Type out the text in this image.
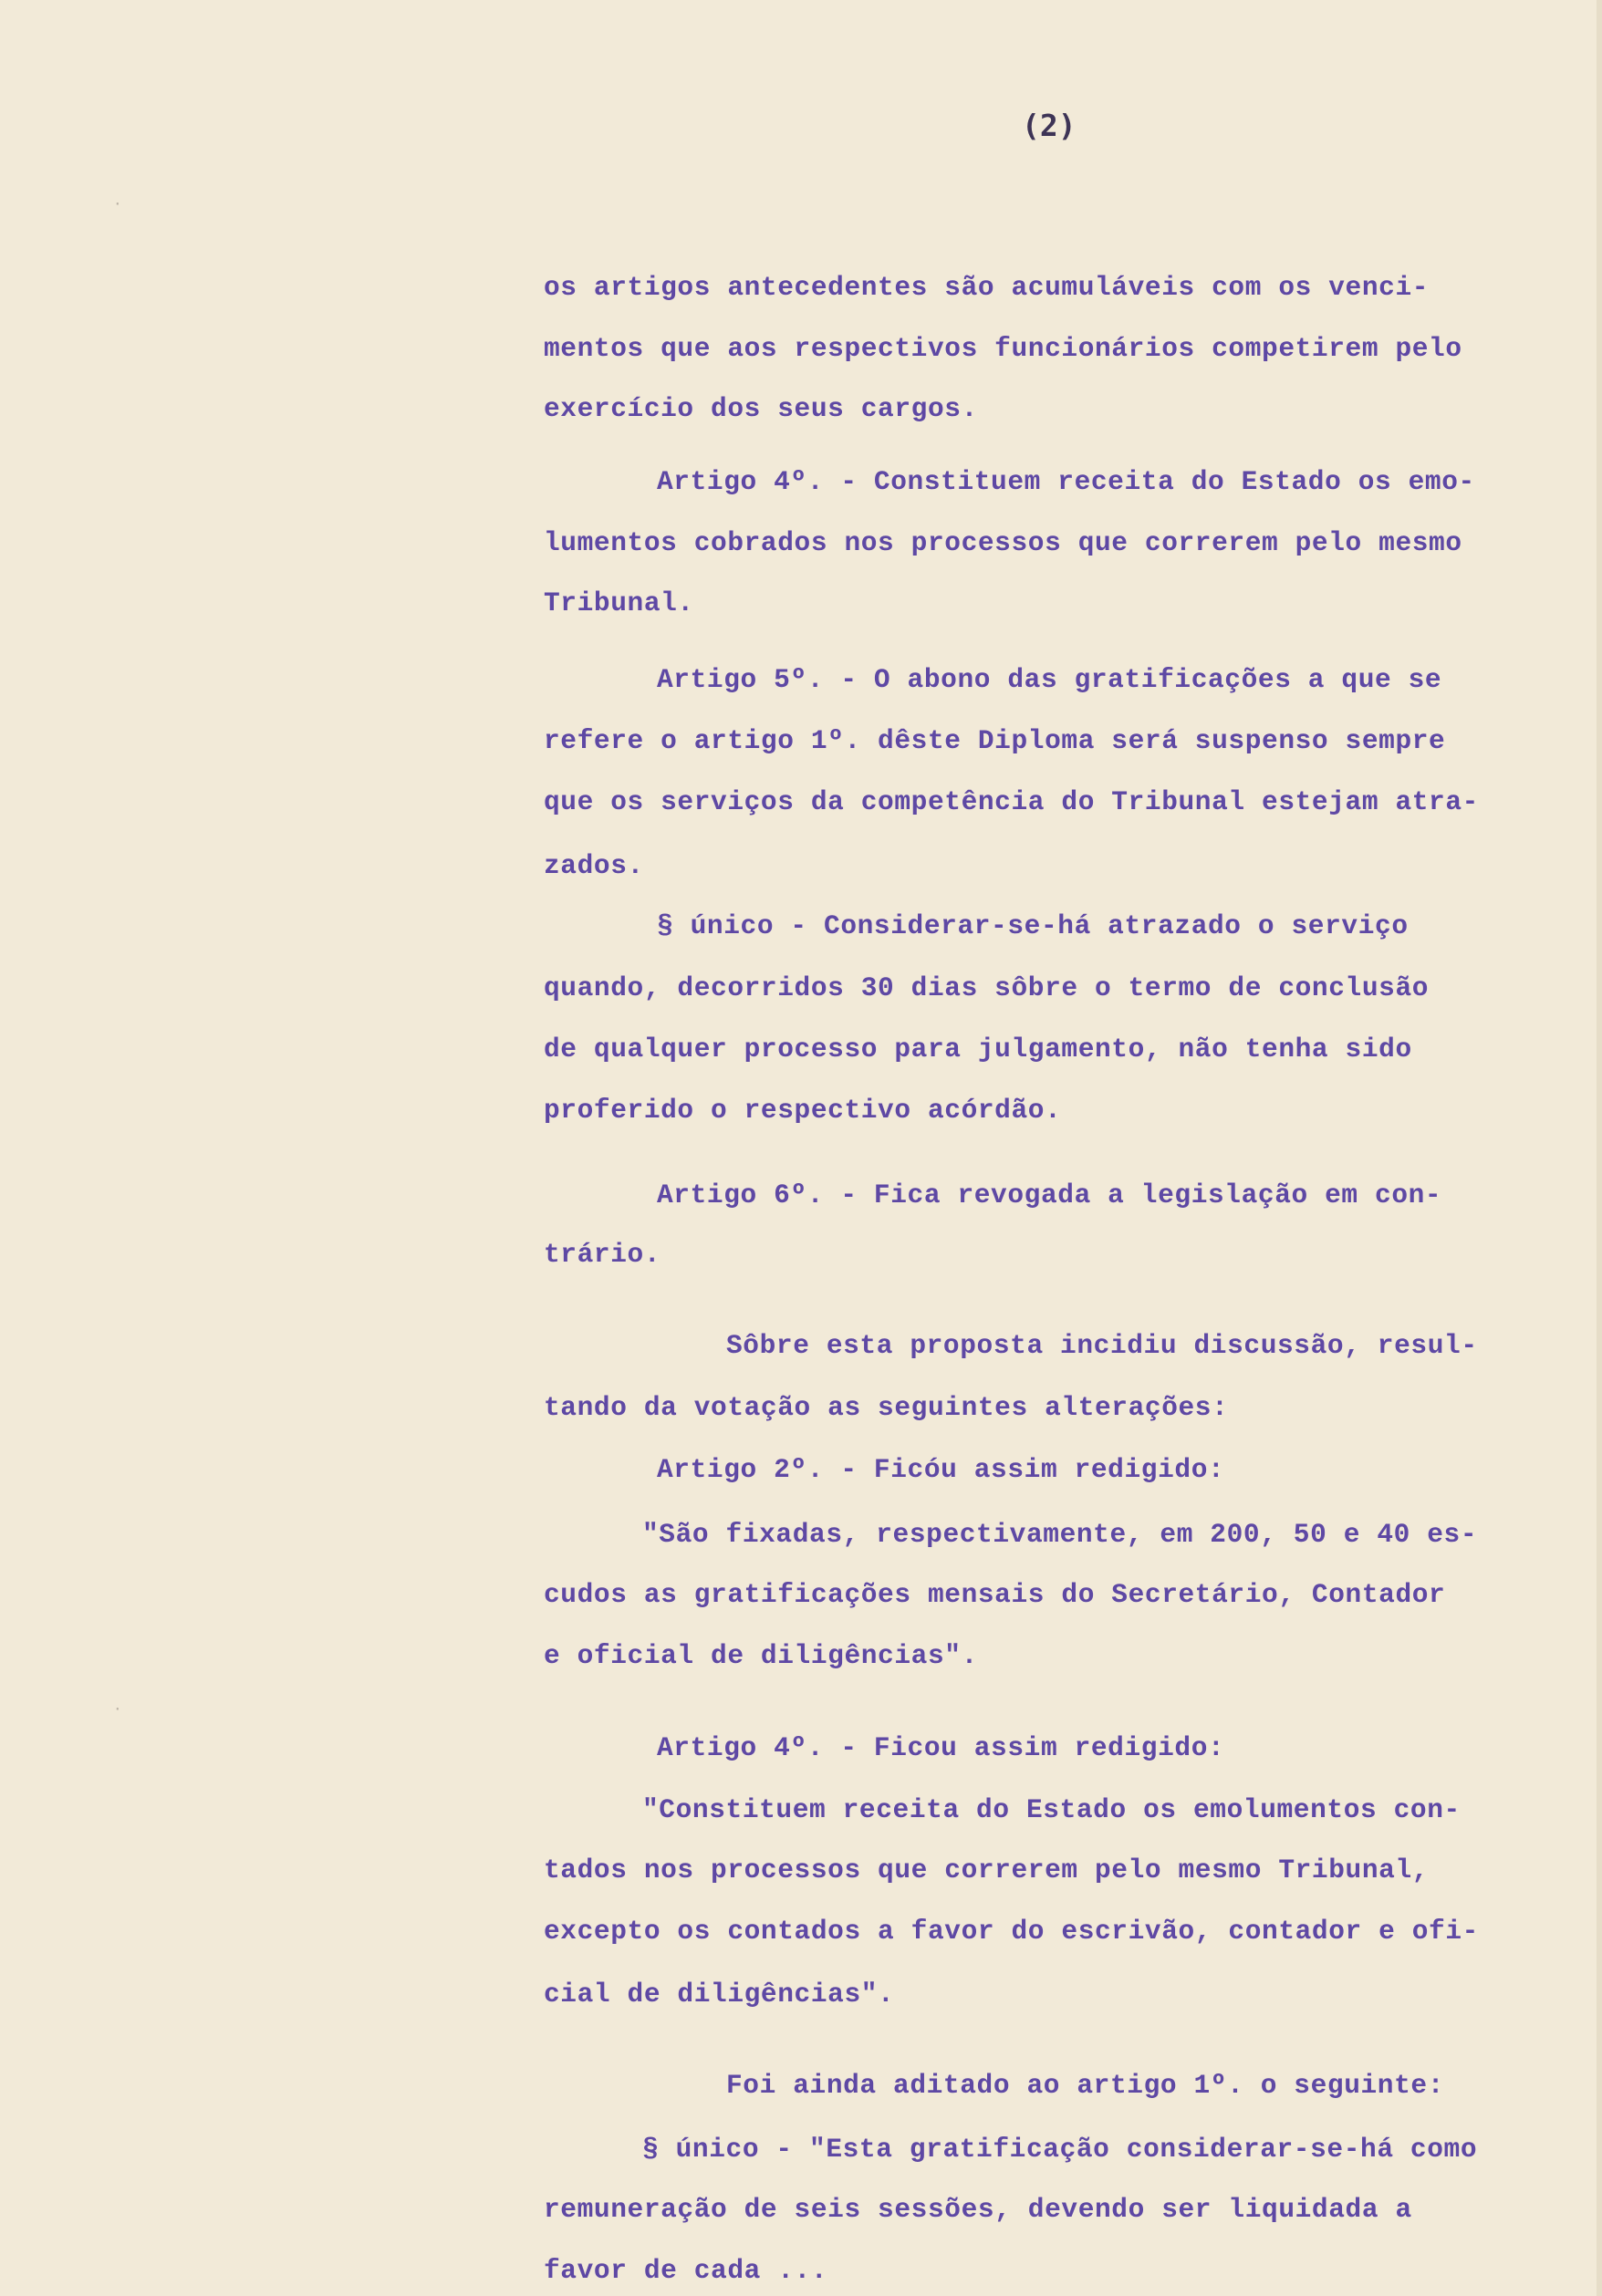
·
·
(2)
os artigos antecedentes são acumuláveis com os venci-
mentos que aos respectivos funcionários competirem pelo
exercício dos seus cargos.
Artigo 4º. - Constituem receita do Estado os emo-
lumentos cobrados nos processos que correrem pelo mesmo
Tribunal.
Artigo 5º. - O abono das gratificações a que se
refere o artigo 1º. dêste Diploma será suspenso sempre
que os serviços da competência do Tribunal estejam atra-
zados.
§ único - Considerar-se-há atrazado o serviço
quando, decorridos 30 dias sôbre o termo de conclusão
de qualquer processo para julgamento, não tenha sido
proferido o respectivo acórdão.
Artigo 6º. - Fica revogada a legislação em con-
trário.
Sôbre esta proposta incidiu discussão, resul-
tando da votação as seguintes alterações:
Artigo 2º. - Ficóu assim redigido:
"São fixadas, respectivamente, em 200, 50 e 40 es-
cudos as gratificações mensais do Secretário, Contador
e oficial de diligências".
Artigo 4º. - Ficou assim redigido:
"Constituem receita do Estado os emolumentos con-
tados nos processos que correrem pelo mesmo Tribunal,
excepto os contados a favor do escrivão, contador e ofi-
cial de diligências".
Foi ainda aditado ao artigo 1º. o seguinte:
§ único - "Esta gratificação considerar-se-há como
remuneração de seis sessões, devendo ser liquidada a
favor de cada ...
